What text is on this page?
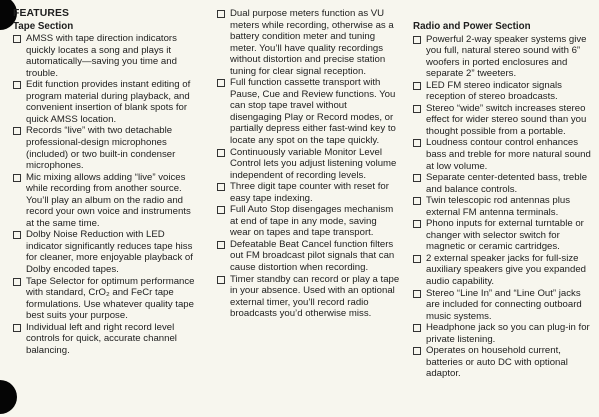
FEATURES
Tape Section
AMSS with tape direction indicators quickly locates a song and plays it automatically—saving you time and trouble.
Edit function provides instant editing of program material during playback, and convenient insertion of blank spots for quick AMSS location.
Records “live” with two detachable professional-design microphones (included) or two built-in condenser microphones.
Mic mixing allows adding “live” voices while recording from another source. You’ll play an album on the radio and record your own voice and instruments at the same time.
Dolby Noise Reduction with LED indicator significantly reduces tape hiss for cleaner, more enjoyable playback of Dolby encoded tapes.
Tape Selector for optimum performance with standard, CrO₂ and FeCr tape formulations. Use whatever quality tape best suits your purpose.
Individual left and right record level controls for quick, accurate channel balancing.
Dual purpose meters function as VU meters while recording, otherwise as a battery condition meter and tuning meter. You’ll have quality recordings without distortion and precise station tuning for clear signal reception.
Full function cassette transport with Pause, Cue and Review functions. You can stop tape travel without disengaging Play or Record modes, or partially depress either fast-wind key to locate any spot on the tape quickly.
Continuously variable Monitor Level Control lets you adjust listening volume independent of recording levels.
Three digit tape counter with reset for easy tape indexing.
Full Auto Stop disengages mechanism at end of tape in any mode, saving wear on tapes and tape transport.
Defeatable Beat Cancel function filters out FM broadcast pilot signals that can cause distortion when recording.
Timer standby can record or play a tape in your absence. Used with an optional external timer, you’ll record radio broadcasts you’d otherwise miss.
Radio and Power Section
Powerful 2-way speaker systems give you full, natural stereo sound with 6” woofers in ported enclosures and separate 2” tweeters.
LED FM stereo indicator signals reception of stereo broadcasts.
Stereo “wide” switch increases stereo effect for wider stereo sound than you thought possible from a portable.
Loudness contour control enhances bass and treble for more natural sound at low volume.
Separate center-detented bass, treble and balance controls.
Twin telescopic rod antennas plus external FM antenna terminals.
Phono inputs for external turntable or changer with selector switch for magnetic or ceramic cartridges.
2 external speaker jacks for full-size auxiliary speakers give you expanded audio capability.
Stereo “Line In” and “Line Out” jacks are included for connecting outboard music systems.
Headphone jack so you can plug-in for private listening.
Operates on household current, batteries or auto DC with optional adaptor.
